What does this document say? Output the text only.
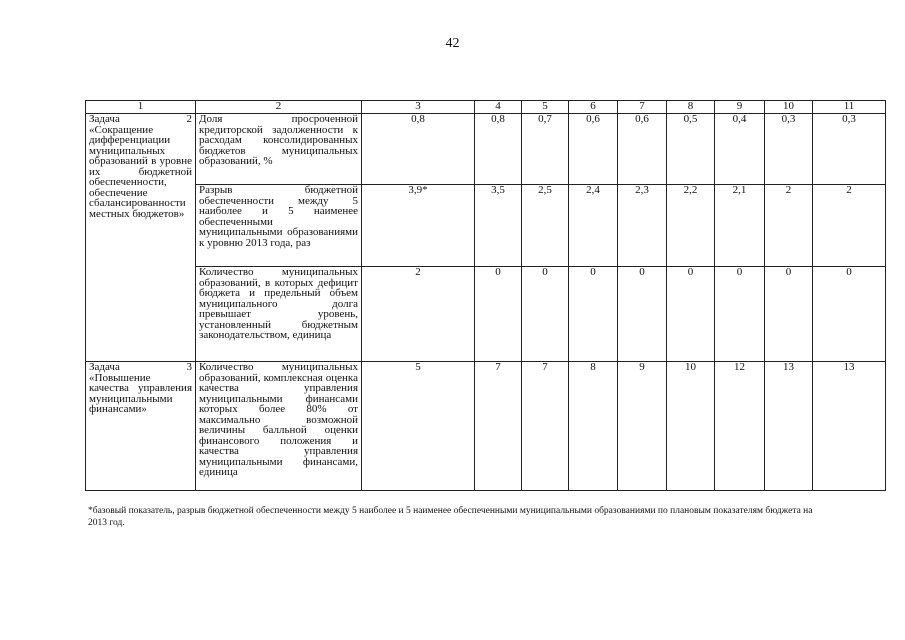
42
1	2	3	4	5	6	7	8	9	10	11
Задача 2 «Сокращение дифференциации муниципальных образований в уровне их бюджетной обеспеченности, обеспечение сбалансированности местных бюджетов»	Доля просроченной кредиторской задолженности к расходам консолидированных бюджетов муниципальных образований, %	0,8	0,8	0,7	0,6	0,6	0,5	0,4	0,3	0,3
	Разрыв бюджетной обеспеченности между 5 наиболее и 5 наименее обеспеченными муниципальными образованиями к уровню 2013 года, раз	3,9*	3,5	2,5	2,4	2,3	2,2	2,1	2	2
	Количество муниципальных образований, в которых дефицит бюджета и предельный объем муниципального долга превышает уровень, установленный бюджетным законодательством, единица	2	0	0	0	0	0	0	0	0
Задача 3 «Повышение качества управления муниципальными финансами»	Количество муниципальных образований, комплексная оценка качества управления муниципальными финансами которых более 80% от максимально возможной величины балльной оценки финансового положения и качества управления муниципальными финансами, единица	5	7	7	8	9	10	12	13	13
*базовый показатель, разрыв бюджетной обеспеченности между 5 наиболее и 5 наименее обеспеченными муниципальными образованиями по плановым показателям бюджета на 2013 год.
